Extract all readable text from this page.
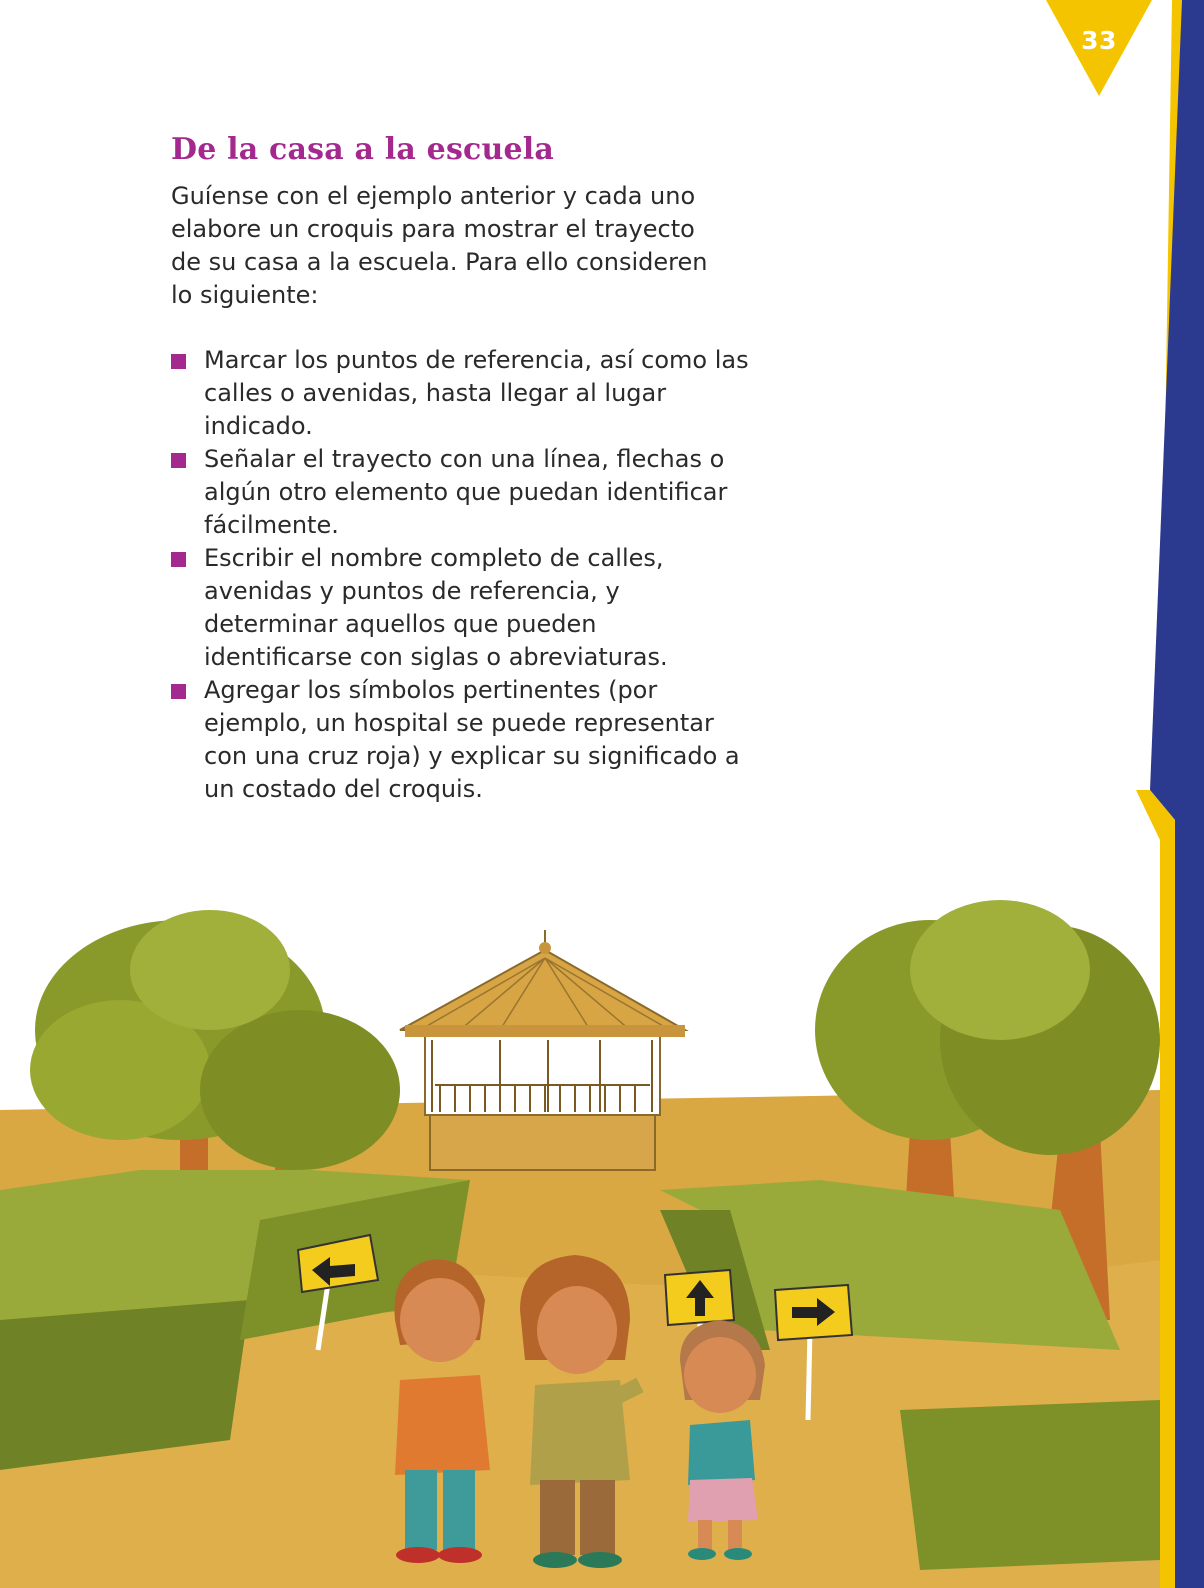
33
De la casa a la escuela

Guíense con el ejemplo anterior y cada uno elabore un croquis para mostrar el trayecto de su casa a la escuela. Para ello consideren lo siguiente:

Marcar los puntos de referencia, así como las calles o avenidas, hasta llegar al lugar indicado.
Señalar el trayecto con una línea, flechas o algún otro elemento que puedan identificar fácilmente.
Escribir el nombre completo de calles, avenidas y puntos de referencia, y determinar aquellos que pueden identificarse con siglas o abreviaturas.
Agregar los símbolos pertinentes (por ejemplo, un hospital se puede representar con una cruz roja) y explicar su significado a un costado del croquis.
